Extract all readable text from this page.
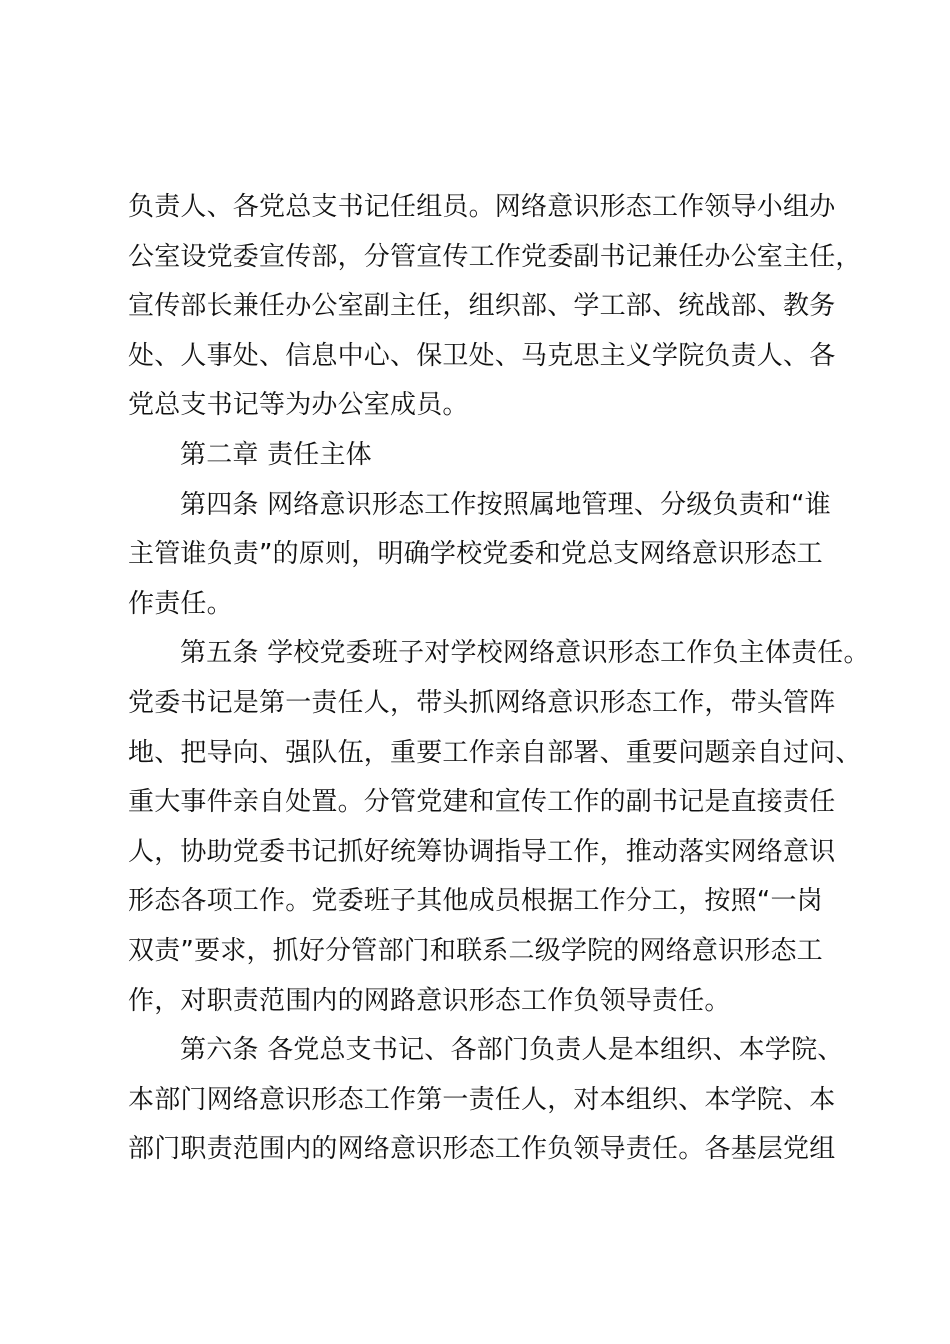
负责人、各党总支书记任组员。网络意识形态工作领导小组办
公室设党委宣传部，分管宣传工作党委副书记兼任办公室主任，
宣传部长兼任办公室副主任，组织部、学工部、统战部、教务
处、人事处、信息中心、保卫处、马克思主义学院负责人、各
党总支书记等为办公室成员。
第二章 责任主体
第四条 网络意识形态工作按照属地管理、分级负责和“谁
主管谁负责”的原则，明确学校党委和党总支网络意识形态工
作责任。
第五条 学校党委班子对学校网络意识形态工作负主体责任。
党委书记是第一责任人，带头抓网络意识形态工作，带头管阵
地、把导向、强队伍，重要工作亲自部署、重要问题亲自过问、
重大事件亲自处置。分管党建和宣传工作的副书记是直接责任
人，协助党委书记抓好统筹协调指导工作，推动落实网络意识
形态各项工作。党委班子其他成员根据工作分工，按照“一岗
双责”要求，抓好分管部门和联系二级学院的网络意识形态工
作，对职责范围内的网路意识形态工作负领导责任。
第六条 各党总支书记、各部门负责人是本组织、本学院、
本部门网络意识形态工作第一责任人，对本组织、本学院、本
部门职责范围内的网络意识形态工作负领导责任。各基层党组
